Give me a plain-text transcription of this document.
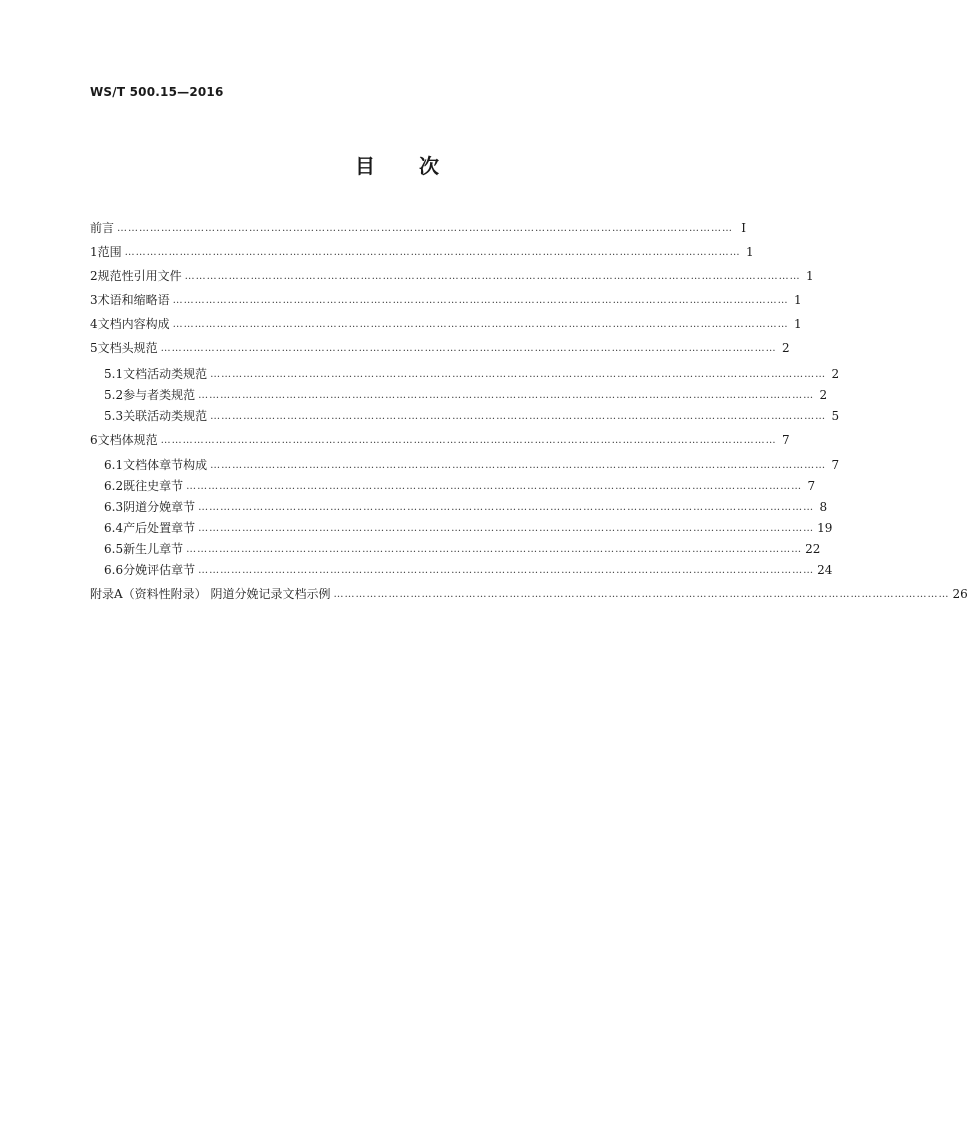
WS/T 500.15—2016
目 次
前言 …………………………………………………………………………………………………………………………………………………… Ⅰ
1 范围 …………………………………………………………………………………………………………………………………………………… 1
2 规范性引用文件 …………………………………………………………………………………………………………………………………………………… 1
3 术语和缩略语 …………………………………………………………………………………………………………………………………………………… 1
4 文档内容构成 …………………………………………………………………………………………………………………………………………………… 1
5 文档头规范 …………………………………………………………………………………………………………………………………………………… 2
5.1 文档活动类规范 …………………………………………………………………………………………………………………………………………………… 2
5.2 参与者类规范 …………………………………………………………………………………………………………………………………………………… 2
5.3 关联活动类规范 …………………………………………………………………………………………………………………………………………………… 5
6 文档体规范 …………………………………………………………………………………………………………………………………………………… 7
6.1 文档体章节构成 …………………………………………………………………………………………………………………………………………………… 7
6.2 既往史章节 …………………………………………………………………………………………………………………………………………………… 7
6.3 阴道分娩章节 …………………………………………………………………………………………………………………………………………………… 8
6.4 产后处置章节 …………………………………………………………………………………………………………………………………………………… 19
6.5 新生儿章节 …………………………………………………………………………………………………………………………………………………… 22
6.6 分娩评估章节 …………………………………………………………………………………………………………………………………………………… 24
附录A（资料性附录） 阴道分娩记录文档示例 …………………………………………………………………………………………………………………………………………………… 26
